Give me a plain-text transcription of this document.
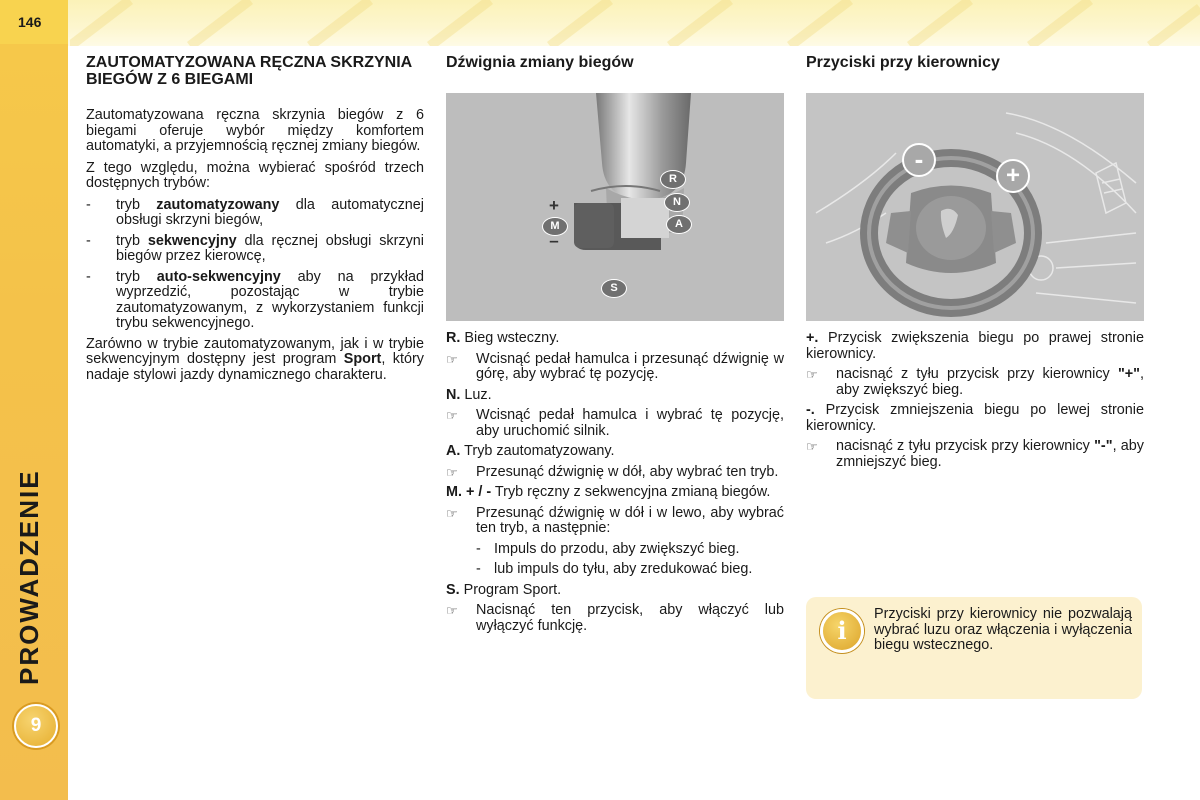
146
PROWADZENIE
9
ZAUTOMATYZOWANA RĘCZNA SKRZYNIA BIEGÓW Z 6 BIEGAMI

Zautomatyzowana ręczna skrzynia biegów z 6 biegami oferuje wybór między komfortem automatyki, a przyjemnością ręcznej zmiany biegów.

Z tego względu, można wybierać spośród trzech dostępnych trybów:

-	tryb zautomatyzowany dla automatycznej obsługi skrzyni biegów,
-	tryb sekwencyjny dla ręcznej obsługi skrzyni biegów przez kierowcę,
-	tryb auto-sekwencyjny aby na przykład wyprzedzić, pozostając w trybie zautomatyzowanym, z wykorzystaniem funkcji trybu sekwencyjnego.

Zarówno w trybie zautomatyzowanym, jak i w trybie sekwencyjnym dostępny jest program Sport, który nadaje stylowi jazdy dynamicznego charakteru.

Dźwignia zmiany biegów
R
N
A
M
+
–
S
R. Bieg wsteczny.
☞	Wcisnąć pedał hamulca i przesunąć dźwignię w górę, aby wybrać tę pozycję.
N. Luz.
☞	Wcisnąć pedał hamulca i wybrać tę pozycję, aby uruchomić silnik.
A. Tryb zautomatyzowany.
☞	Przesunąć dźwignię w dół, aby wybrać ten tryb.
M. + / - Tryb ręczny z sekwencyjna zmianą biegów.
☞	Przesunąć dźwignię w dół i w lewo, aby wybrać ten tryb, a następnie:
- Impuls do przodu, aby zwiększyć bieg.
- lub impuls do tyłu, aby zredukować bieg.
S. Program Sport.
☞	Nacisnąć ten przycisk, aby włączyć lub wyłączyć funkcję.
Przyciski przy kierownicy
-
+
+. Przycisk zwiększenia biegu po prawej stronie kierownicy.
☞	nacisnąć z tyłu przycisk przy kierownicy "+", aby zwiększyć bieg.
-. Przycisk zmniejszenia biegu po lewej stronie kierownicy.
☞	nacisnąć z tyłu przycisk przy kierownicy "-", aby zmniejszyć bieg.
i
Przyciski przy kierownicy nie pozwalają wybrać luzu oraz włączenia i wyłączenia biegu wstecznego.
